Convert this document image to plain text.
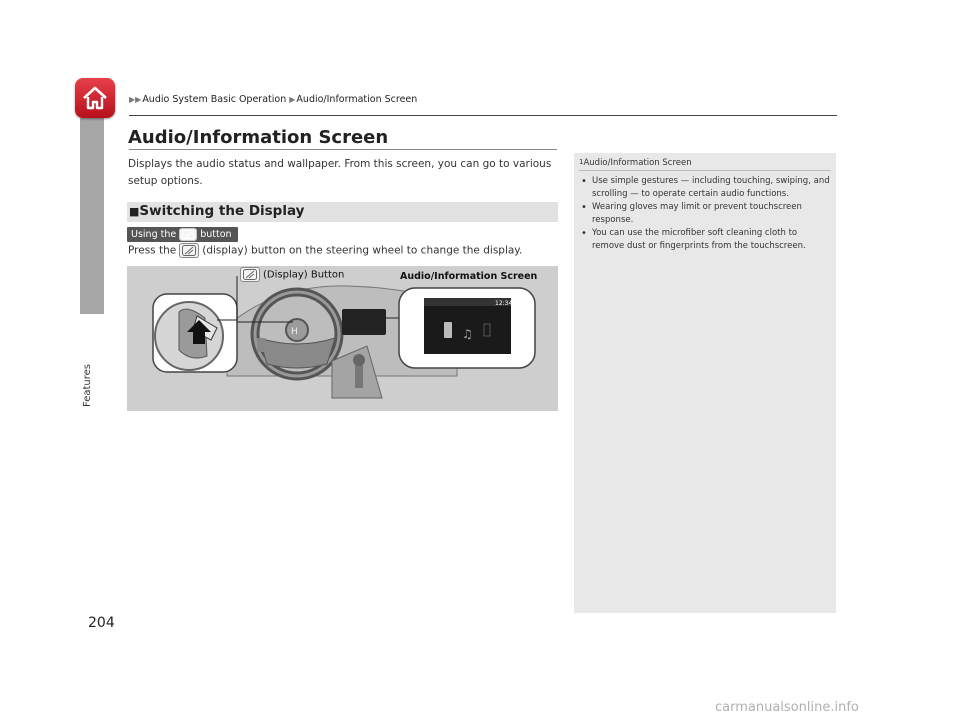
Features
▶▶Audio System Basic Operation ▶Audio/Information Screen
Audio/Information Screen
Displays the audio status and wallpaper. From this screen, you can go to various setup options.
■Switching the Display
Using the	button
Press the (display) button on the steering wheel to change the display.
H	♫
12:34
(Display) Button	Audio/Information Screen
$^1$Audio/Information Screen
• Use simple gestures — including touching, swiping, and scrolling — to operate certain audio functions.
• Wearing gloves may limit or prevent touchscreen response.
• You can use the microfiber soft cleaning cloth to remove dust or fingerprints from the touchscreen.
204
carmanualsonline.info
